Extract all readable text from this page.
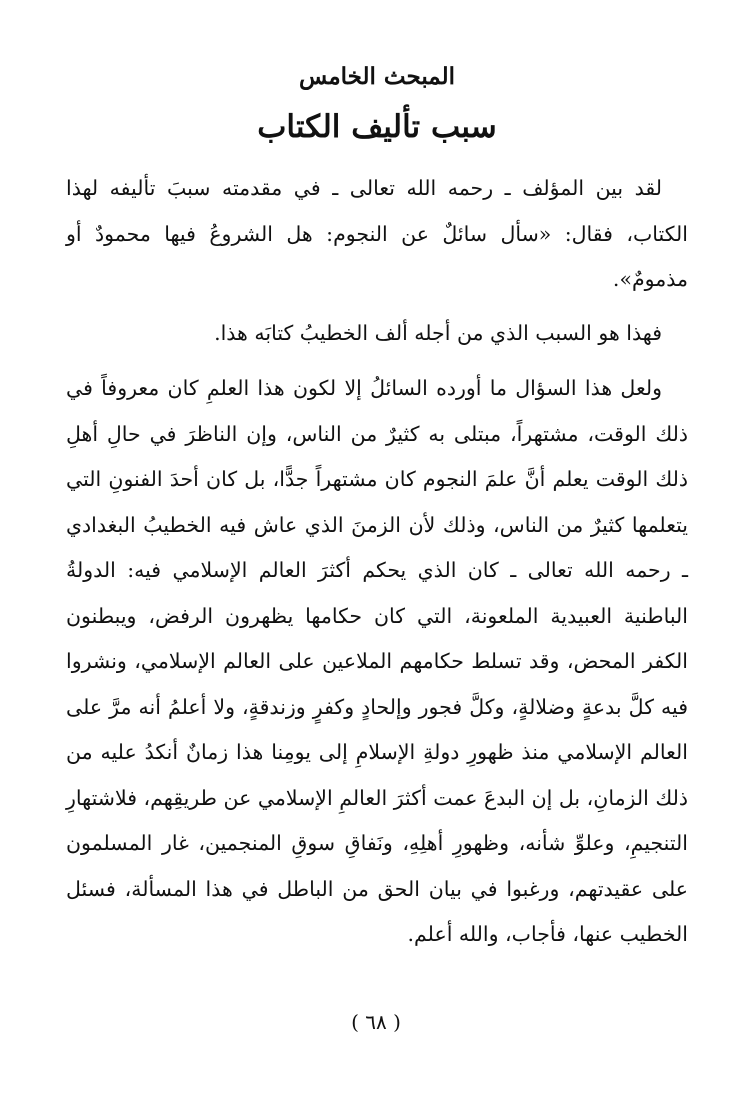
المبحث الخامس
سبب تأليف الكتاب

لقد بين المؤلف ـ رحمه الله تعالى ـ في مقدمته سببَ تأليفه لهذا الكتاب، فقال: «سأل سائلٌ عن النجوم: هل الشروعُ فيها محمودٌ أو مذمومٌ».

فهذا هو السبب الذي من أجله ألف الخطيبُ كتابَه هذا.

ولعل هذا السؤال ما أورده السائلُ إلا لكون هذا العلمِ كان معروفاً في ذلك الوقت، مشتهراً، مبتلى به كثيرٌ من الناس، وإن الناظرَ في حالِ أهلِ ذلك الوقت يعلم أنَّ علمَ النجوم كان مشتهراً جدًّا، بل كان أحدَ الفنونِ التي يتعلمها كثيرٌ من الناس، وذلك لأن الزمنَ الذي عاش فيه الخطيبُ البغدادي ـ رحمه الله تعالى ـ كان الذي يحكم أكثرَ العالم الإسلامي فيه: الدولةُ الباطنية العبيدية الملعونة، التي كان حكامها يظهرون الرفض، ويبطنون الكفر المحض، وقد تسلط حكامهم الملاعين على العالم الإسلامي، ونشروا فيه كلَّ بدعةٍ وضلالةٍ، وكلَّ فجور وإلحادٍ وكفرٍ وزندقةٍ، ولا أعلمُ أنه مرَّ على العالم الإسلامي منذ ظهورِ دولةِ الإسلامِ إلى يومِنا هذا زمانٌ أنكدُ عليه من ذلك الزمانِ، بل إن البدعَ عمت أكثرَ العالمِ الإسلامي عن طريقِهم، فلاشتهارِ التنجيمِ، وعلوِّ شأنه، وظهورِ أهلِهِ، ونَفاقِ سوقِ المنجمين، غار المسلمون على عقيدتهم، ورغبوا في بيان الحق من الباطل في هذا المسألة، فسئل الخطيب عنها، فأجاب، والله أعلم.

( ٦٨ )
